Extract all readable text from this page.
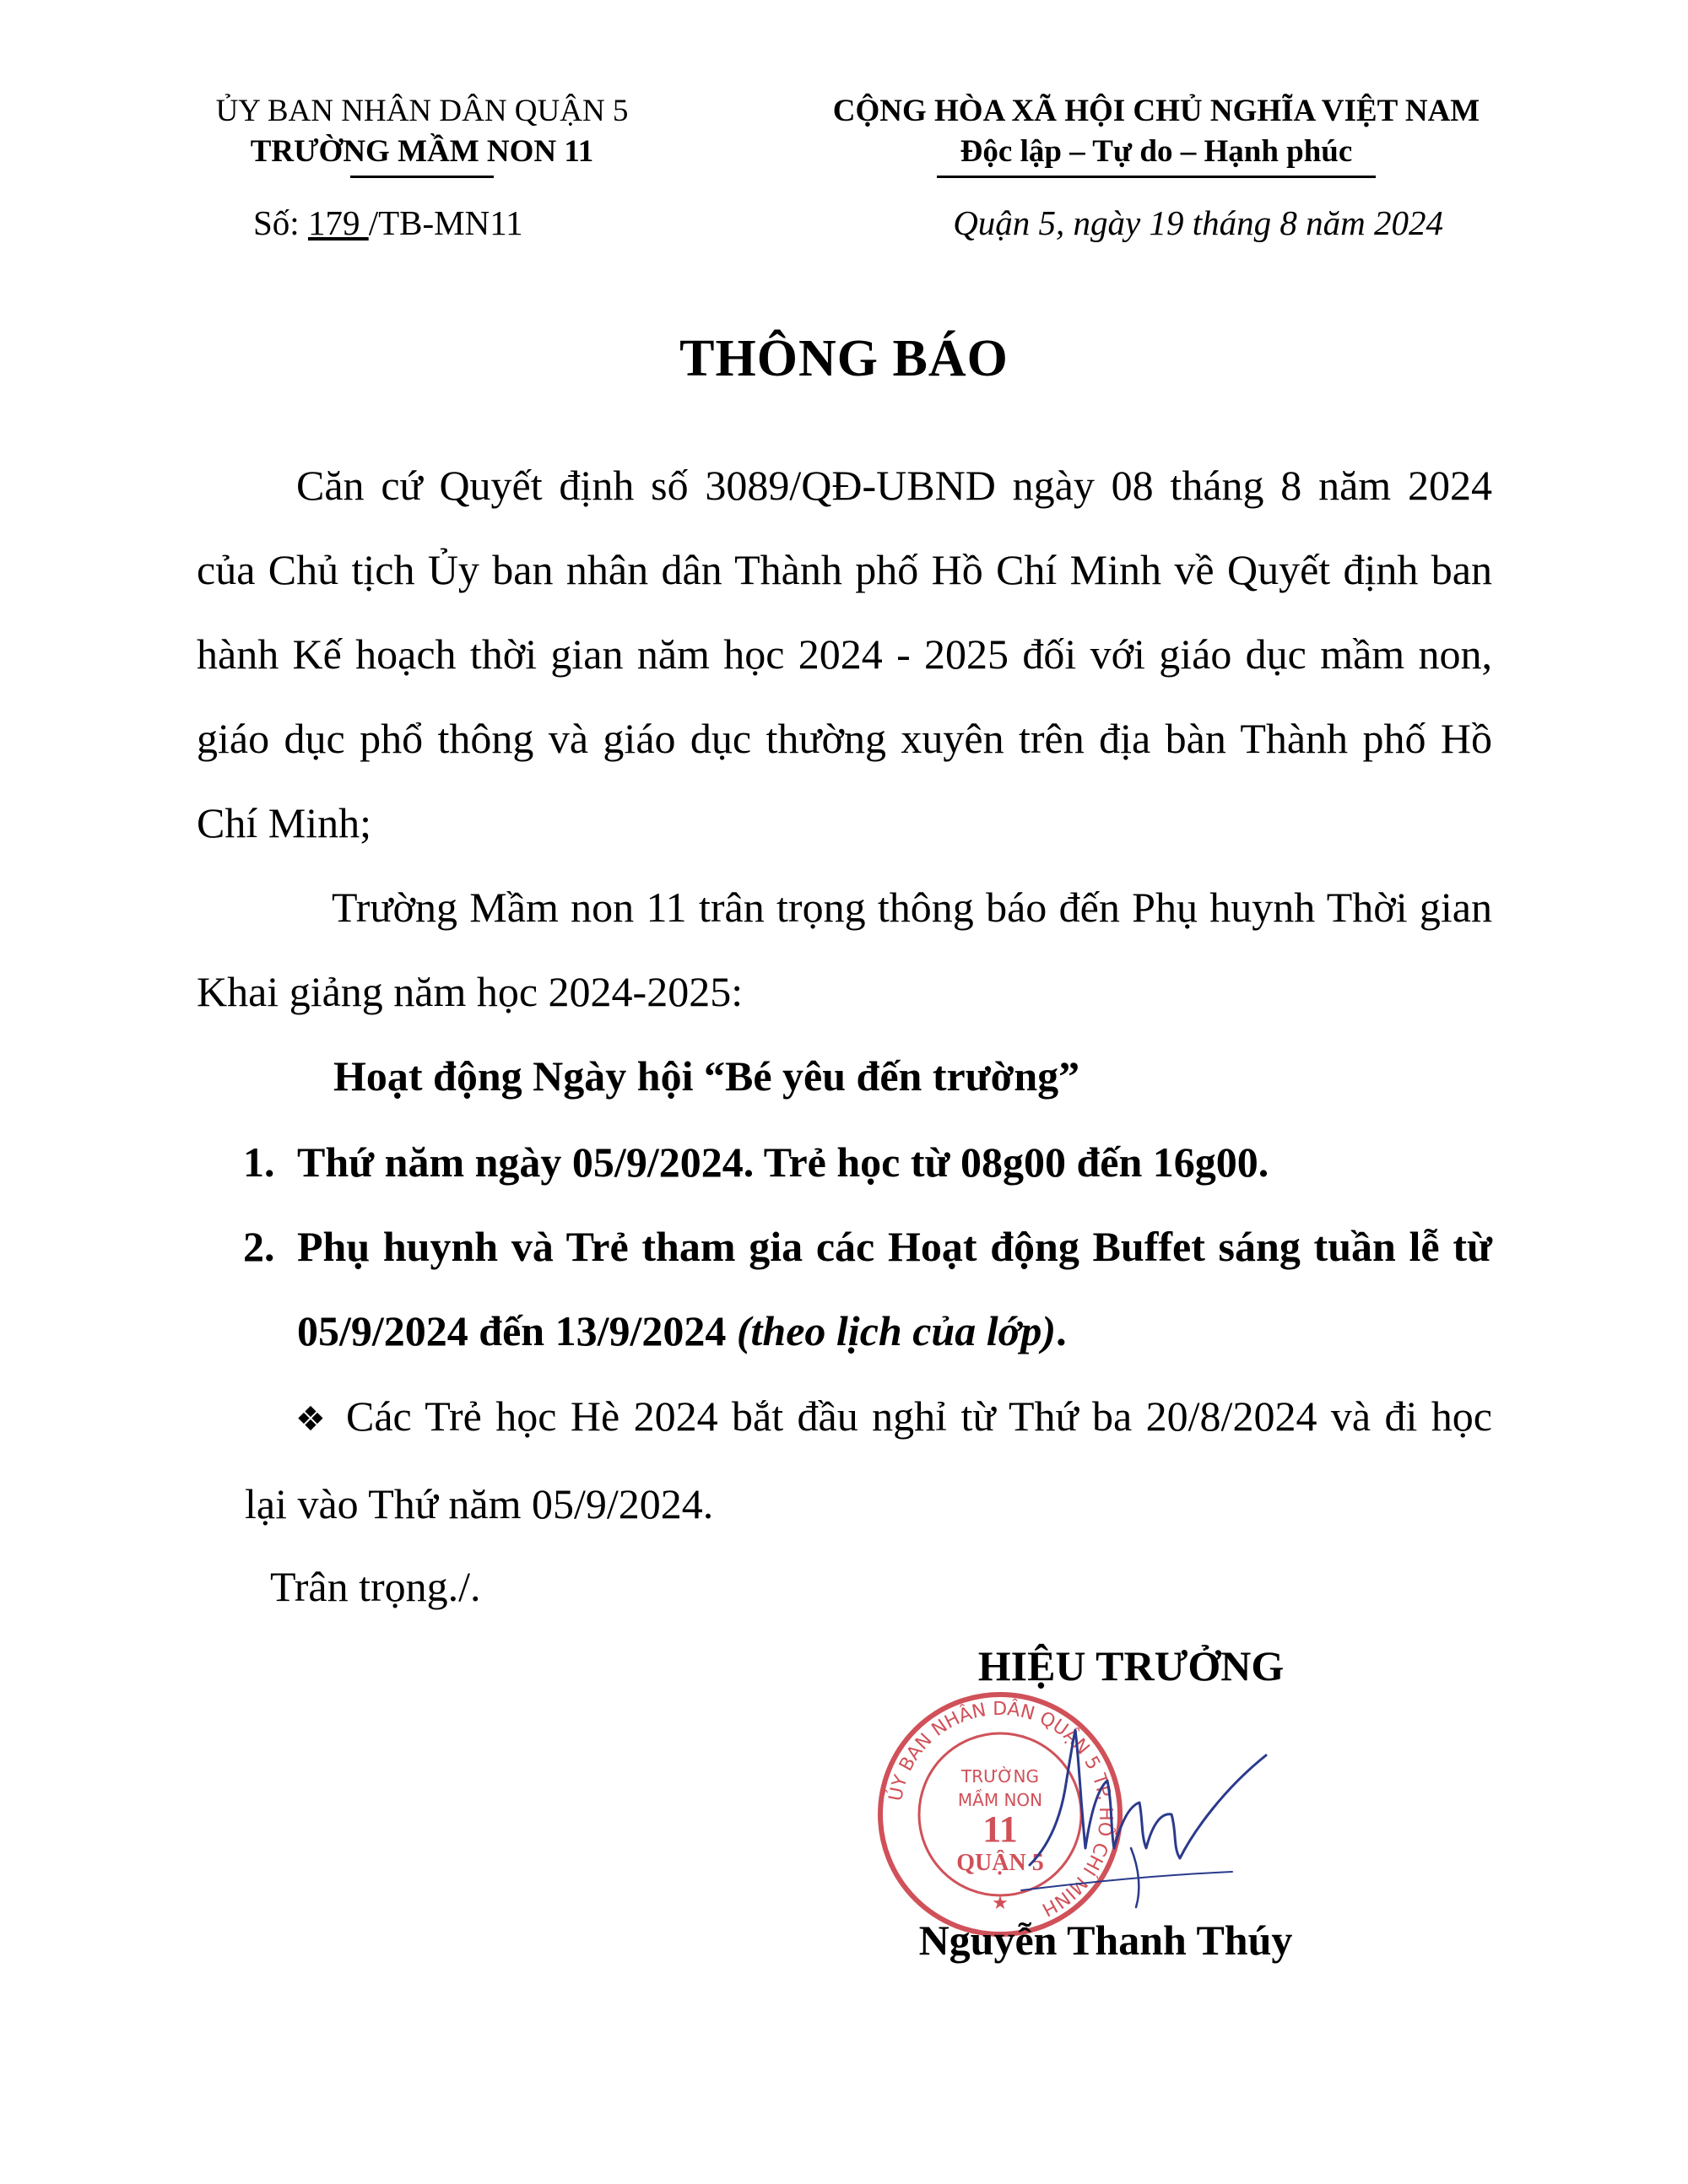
ỦY BAN NHÂN DÂN QUẬN 5
TRƯỜNG MẦM NON 11
CỘNG HÒA XÃ HỘI CHỦ NGHĨA VIỆT NAM
Độc lập – Tự do – Hạnh phúc
Số: 179 /TB-MN11	Quận 5, ngày 19 tháng 8 năm 2024
THÔNG BÁO
Căn cứ Quyết định số 3089/QĐ-UBND ngày 08 tháng 8 năm 2024 của Chủ tịch Ủy ban nhân dân Thành phố Hồ Chí Minh về Quyết định ban hành Kế hoạch thời gian năm học 2024 - 2025 đối với giáo dục mầm non, giáo dục phổ thông và giáo dục thường xuyên trên địa bàn Thành phố Hồ Chí Minh;
Trường Mầm non 11 trân trọng thông báo đến Phụ huynh Thời gian Khai giảng năm học 2024-2025:
Hoạt động Ngày hội “Bé yêu đến trường”
1. Thứ năm ngày 05/9/2024. Trẻ học từ 08g00 đến 16g00.
2. Phụ huynh và Trẻ tham gia các Hoạt động Buffet sáng tuần lễ từ 05/9/2024 đến 13/9/2024 (theo lịch của lớp).
❖ Các Trẻ học Hè 2024 bắt đầu nghỉ từ Thứ ba 20/8/2024 và đi học lại vào Thứ năm 05/9/2024.
Trân trọng./.
HIỆU TRƯỞNG
ỦY BAN NHÂN DÂN QUẬN 5 TP. HỒ CHÍ MINH
TRƯỜNG
MẦM NON
11
QUẬN 5
★
Nguyễn Thanh Thúy
